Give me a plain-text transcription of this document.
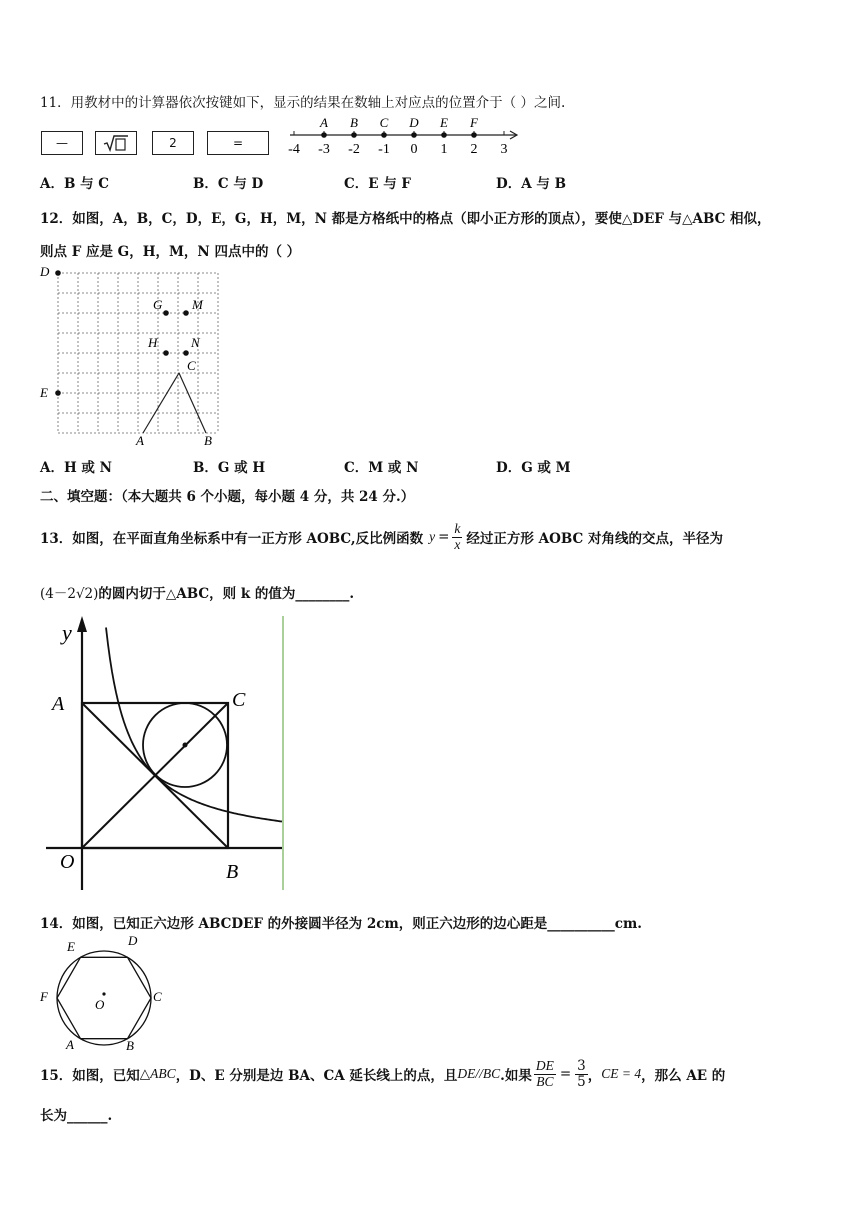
11．用教材中的计算器依次按键如下，显示的结果在数轴上对应点的位置介于（ ）之间.
—	2	=	-4 -3 -2 -1 0 1 2 3
A B C D E F
A．B 与 C	B．C 与 D	C．E 与 F	D．A 与 B
12．如图，A，B，C，D，E，G，H，M，N 都是方格纸中的格点（即小正方形的顶点），要使△DEF 与△ABC 相似，
则点 F 应是 G，H，M，N 四点中的（ ）
D
E
G M
H	N
C
A	B
A．H 或 N	B．G 或 H	C．M 或 N	D．G 或 M
二、填空题：（本大题共 6 个小题，每小题 4 分，共 24 分.）
13．如图，在平面直角坐标系中有一正方形 AOBC,反比例函数 $y = \frac{k}{x}$ 经过正方形 AOBC 对角线的交点，半径为
(4－2√2)的圆内切于△ABC，则 k 的值为________.
y
A	C
O	B
14．如图，已知正六边形 ABCDEF 的外接圆半径为 2cm，则正六边形的边心距是__________cm.
E	D
F	C
O
A	B
15．如图，已知 △ABC ，D、E 分别是边 BA、CA 延长线上的点，且 DE//BC .如果 $\frac{DE}{BC} = \frac{3}{5}$ ， CE = 4 ，那么 AE 的
长为______.
